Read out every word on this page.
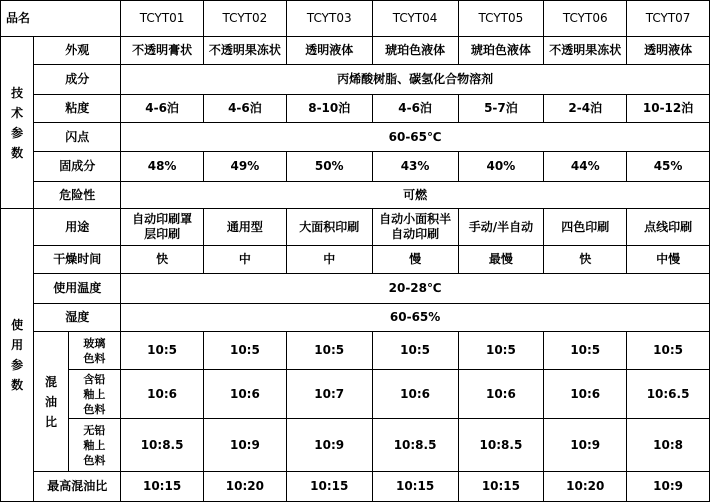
品名			TCYT01	TCYT02	TCYT03	TCYT04	TCYT05	TCYT06	TCYT07

技术参数	外观		不透明膏状	不透明果冻状	透明液体	琥珀色液体	琥珀色液体	不透明果冻状	透明液体
	成分		丙烯酸树脂、碳氢化合物溶剂						
	粘度		4-6泊	4-6泊	8-10泊	4-6泊	5-7泊	2-4泊	10-12泊
	闪点		60-65℃						
	固成分		48%	49%	50%	43%	40%	44%	45%
	危险性		可燃						

使用参数	用途		自动印刷罩层印刷	通用型	大面积印刷	自动小面积半自动印刷	手动/半自动	四色印刷	点线印刷
	干燥时间		快	中	中	慢	最慢	快	中慢
	使用温度		20-28℃						
	湿度		60-65%						

	混油比	玻璃色料	10:5	10:5	10:5	10:5	10:5	10:5	10:5
		含铅釉上色料	10:6	10:6	10:7	10:6	10:6	10:6	10:6.5
		无铅釉上色料	10:8.5	10:9	10:9	10:8.5	10:8.5	10:9	10:8
	最高混油比		10:15	10:20	10:15	10:15	10:15	10:20	10:9
